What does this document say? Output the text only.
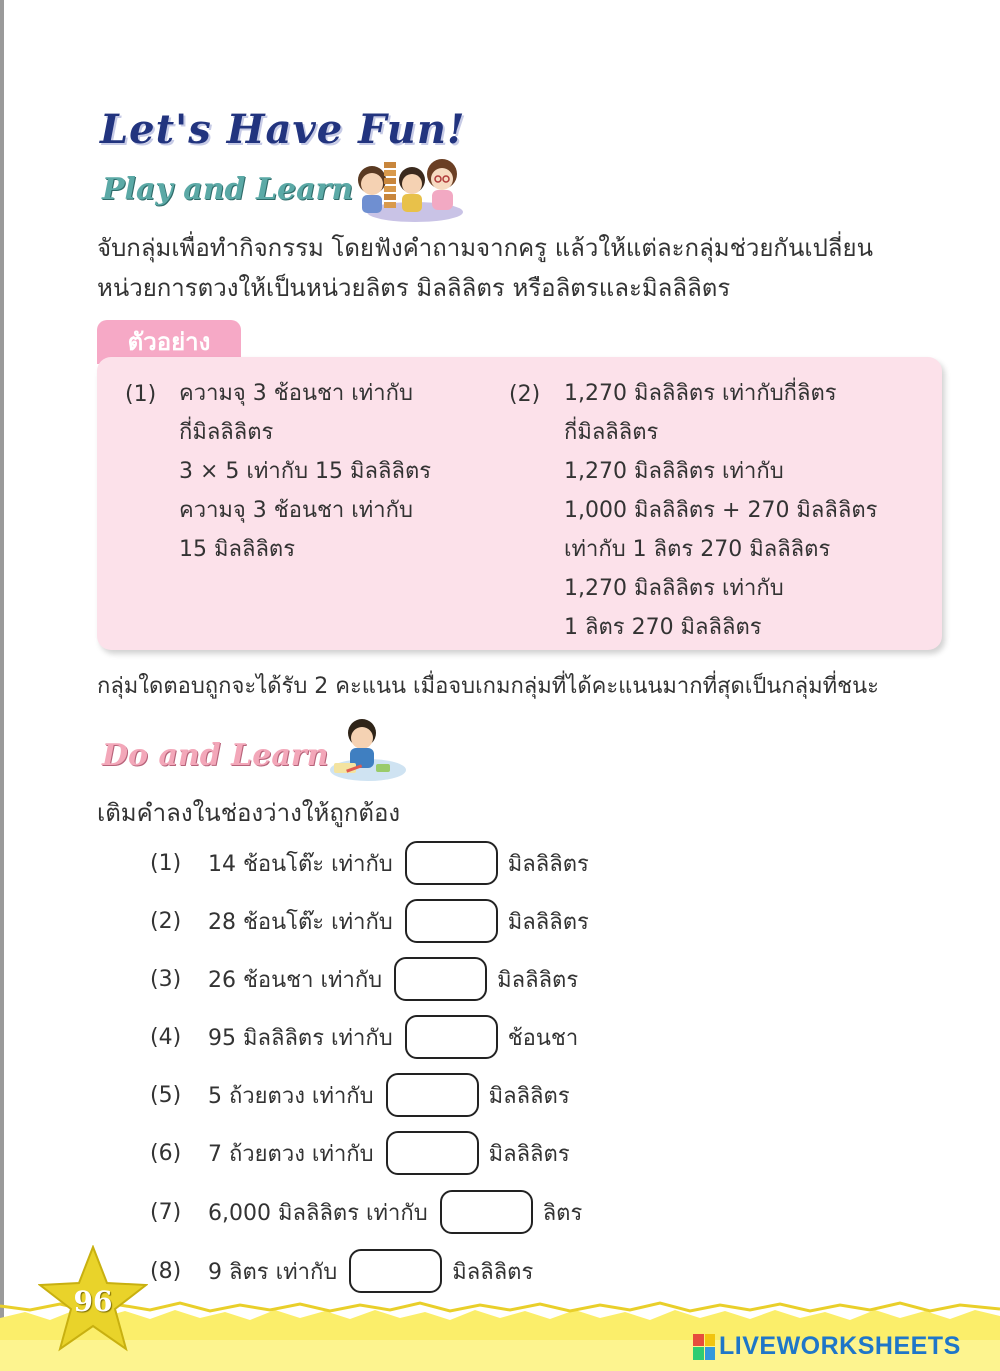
Let's Have Fun!
Play and Learn

จับกลุ่มเพื่อทำกิจกรรม โดยฟังคำถามจากครู แล้วให้แต่ละกลุ่มช่วยกันเปลี่ยน
หน่วยการตวงให้เป็นหน่วยลิตร มิลลิลิตร หรือลิตรและมิลลิลิตร

ตัวอย่าง
(1) ความจุ 3 ช้อนชา เท่ากับ
กี่มิลลิลิตร
3 × 5 เท่ากับ 15 มิลลิลิตร
ความจุ 3 ช้อนชา เท่ากับ
15 มิลลิลิตร
(2) 1,270 มิลลิลิตร เท่ากับกี่ลิตร
กี่มิลลิลิตร
1,270 มิลลิลิตร เท่ากับ
1,000 มิลลิลิตร + 270 มิลลิลิตร
เท่ากับ 1 ลิตร 270 มิลลิลิตร
1,270 มิลลิลิตร เท่ากับ
1 ลิตร 270 มิลลิลิตร

กลุ่มใดตอบถูกจะได้รับ 2 คะแนน เมื่อจบเกมกลุ่มที่ได้คะแนนมากที่สุดเป็นกลุ่มที่ชนะ

Do and Learn

เติมคำลงในช่องว่างให้ถูกต้อง

(1)	14 ช้อนโต๊ะ เท่ากับ	มิลลิลิตร
(2)	28 ช้อนโต๊ะ เท่ากับ	มิลลิลิตร
(3)	26 ช้อนชา เท่ากับ	มิลลิลิตร
(4)	95 มิลลิลิตร เท่ากับ	ช้อนชา
(5)	5 ถ้วยตวง เท่ากับ	มิลลิลิตร
(6)	7 ถ้วยตวง เท่ากับ	มิลลิลิตร
(7)	6,000 มิลลิลิตร เท่ากับ	ลิตร
(8)	9 ลิตร เท่ากับ	มิลลิลิตร
96
LIVEWORKSHEETS
